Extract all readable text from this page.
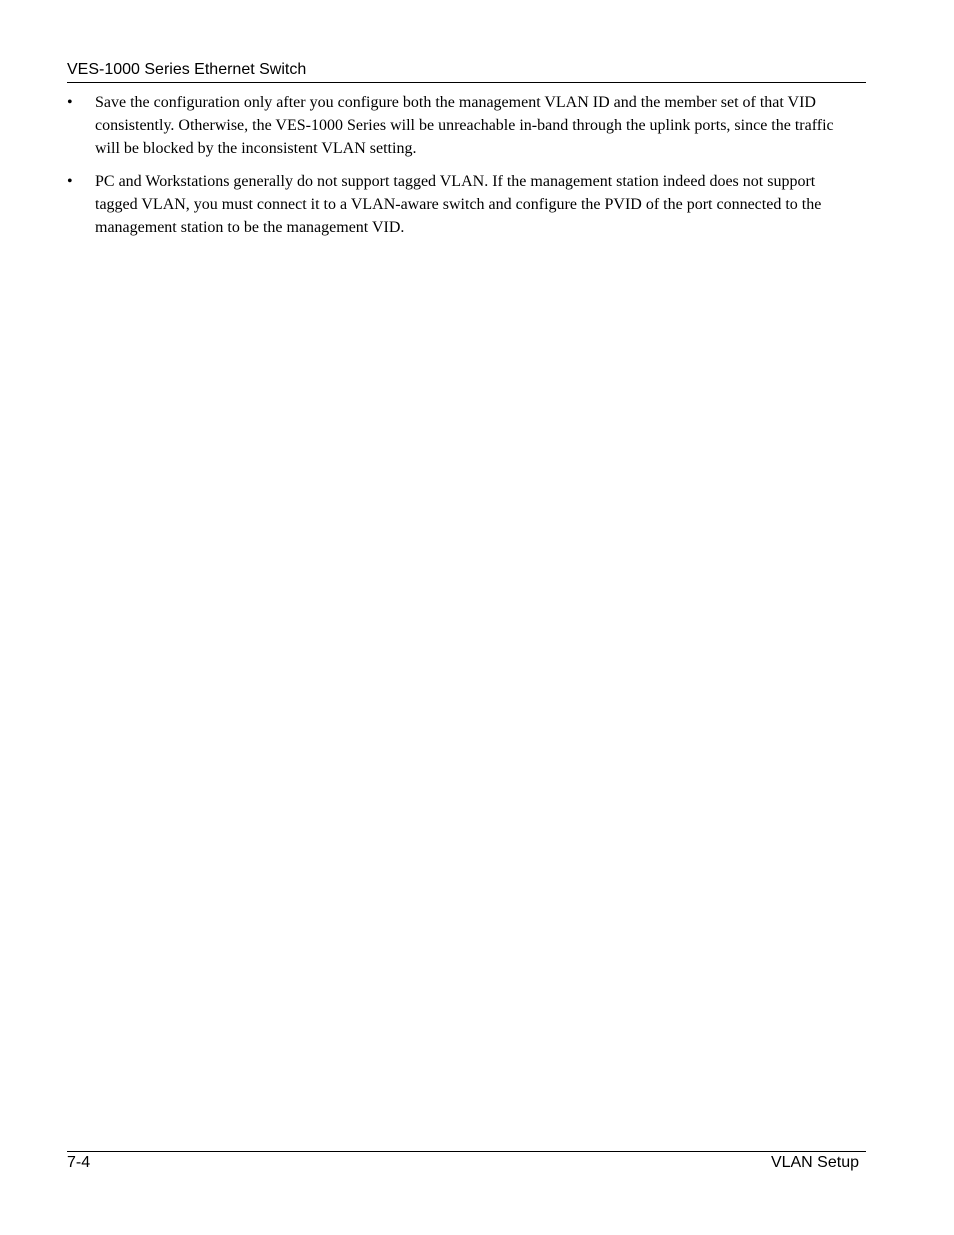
VES-1000 Series Ethernet Switch
•	Save the configuration only after you configure both the management VLAN ID and the member set of that VID consistently. Otherwise, the VES-1000 Series will be unreachable in-band through the uplink ports, since the traffic will be blocked by the inconsistent VLAN setting.
•	PC and Workstations generally do not support tagged VLAN. If the management station indeed does not support tagged VLAN, you must connect it to a VLAN-aware switch and configure the PVID of the port connected to the management station to be the management VID.
7-4	VLAN Setup
